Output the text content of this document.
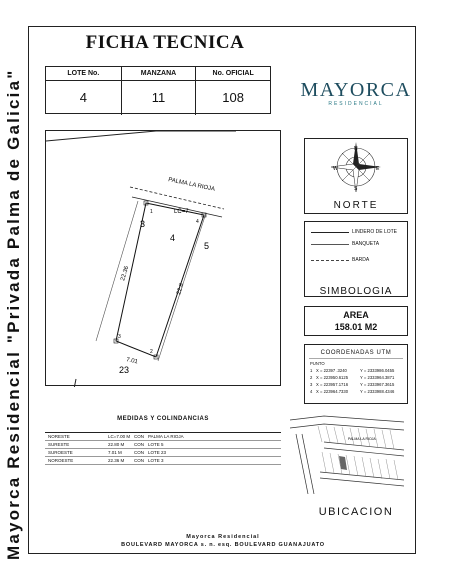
FICHA TECNICA
Mayorca Residencial "Privada Palma de Galicia"	LOTE No.	MANZANA	No. OFICIAL
4	11	108	MAYORCA
RESIDENCIAL
PALMA LA RIOJA
1
2
3
4
LC=7
22.36
22.8
7.01
4
3
5
23
N
S
W	E
NORTE
LINDERO DE LOTE
BANQUETA
BARDA
SIMBOLOGIA
AREA
158.01 M2
COORDENADAS UTM
PUNTO
1 X = 22397 .3240	Y = 2333986.0455
2 X = 223950.6125	Y = 2333964.3871
3 X = 223957.1716	Y = 2333967.3615
4 X = 223964.7330	Y = 2333988.4346
MEDIDAS Y COLINDANCIAS
NORESTE	LC=7.00 M CON PALMA LA RIOJA
SURESTE	22.80 M	CON LOTE 5
SUROESTE	7.01 M	CON LOTE 23
NOROESTE	22.36 M	CON LOTE 3
PALMA LA RIOJA
UBICACION
Mayorca Residencial
BOULEVARD MAYORCA s. n. esq. BOULEVARD GUANAJUATO
